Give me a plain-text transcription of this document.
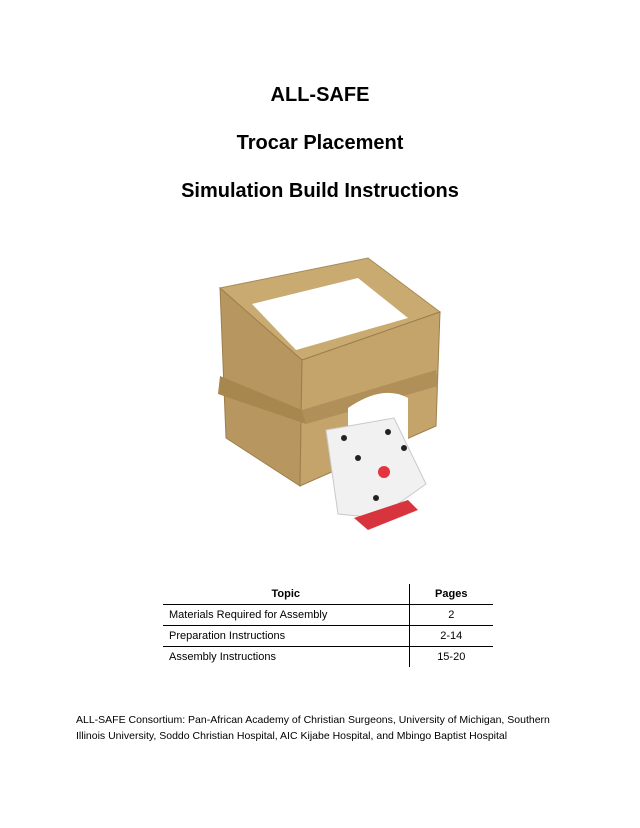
ALL-SAFE
Trocar Placement
Simulation Build Instructions
Topic	Pages
Materials Required for Assembly	2
Preparation Instructions	2-14
Assembly Instructions	15-20
ALL-SAFE Consortium: Pan-African Academy of Christian Surgeons, University of Michigan, Southern Illinois University, Soddo Christian Hospital, AIC Kijabe Hospital, and Mbingo Baptist Hospital
